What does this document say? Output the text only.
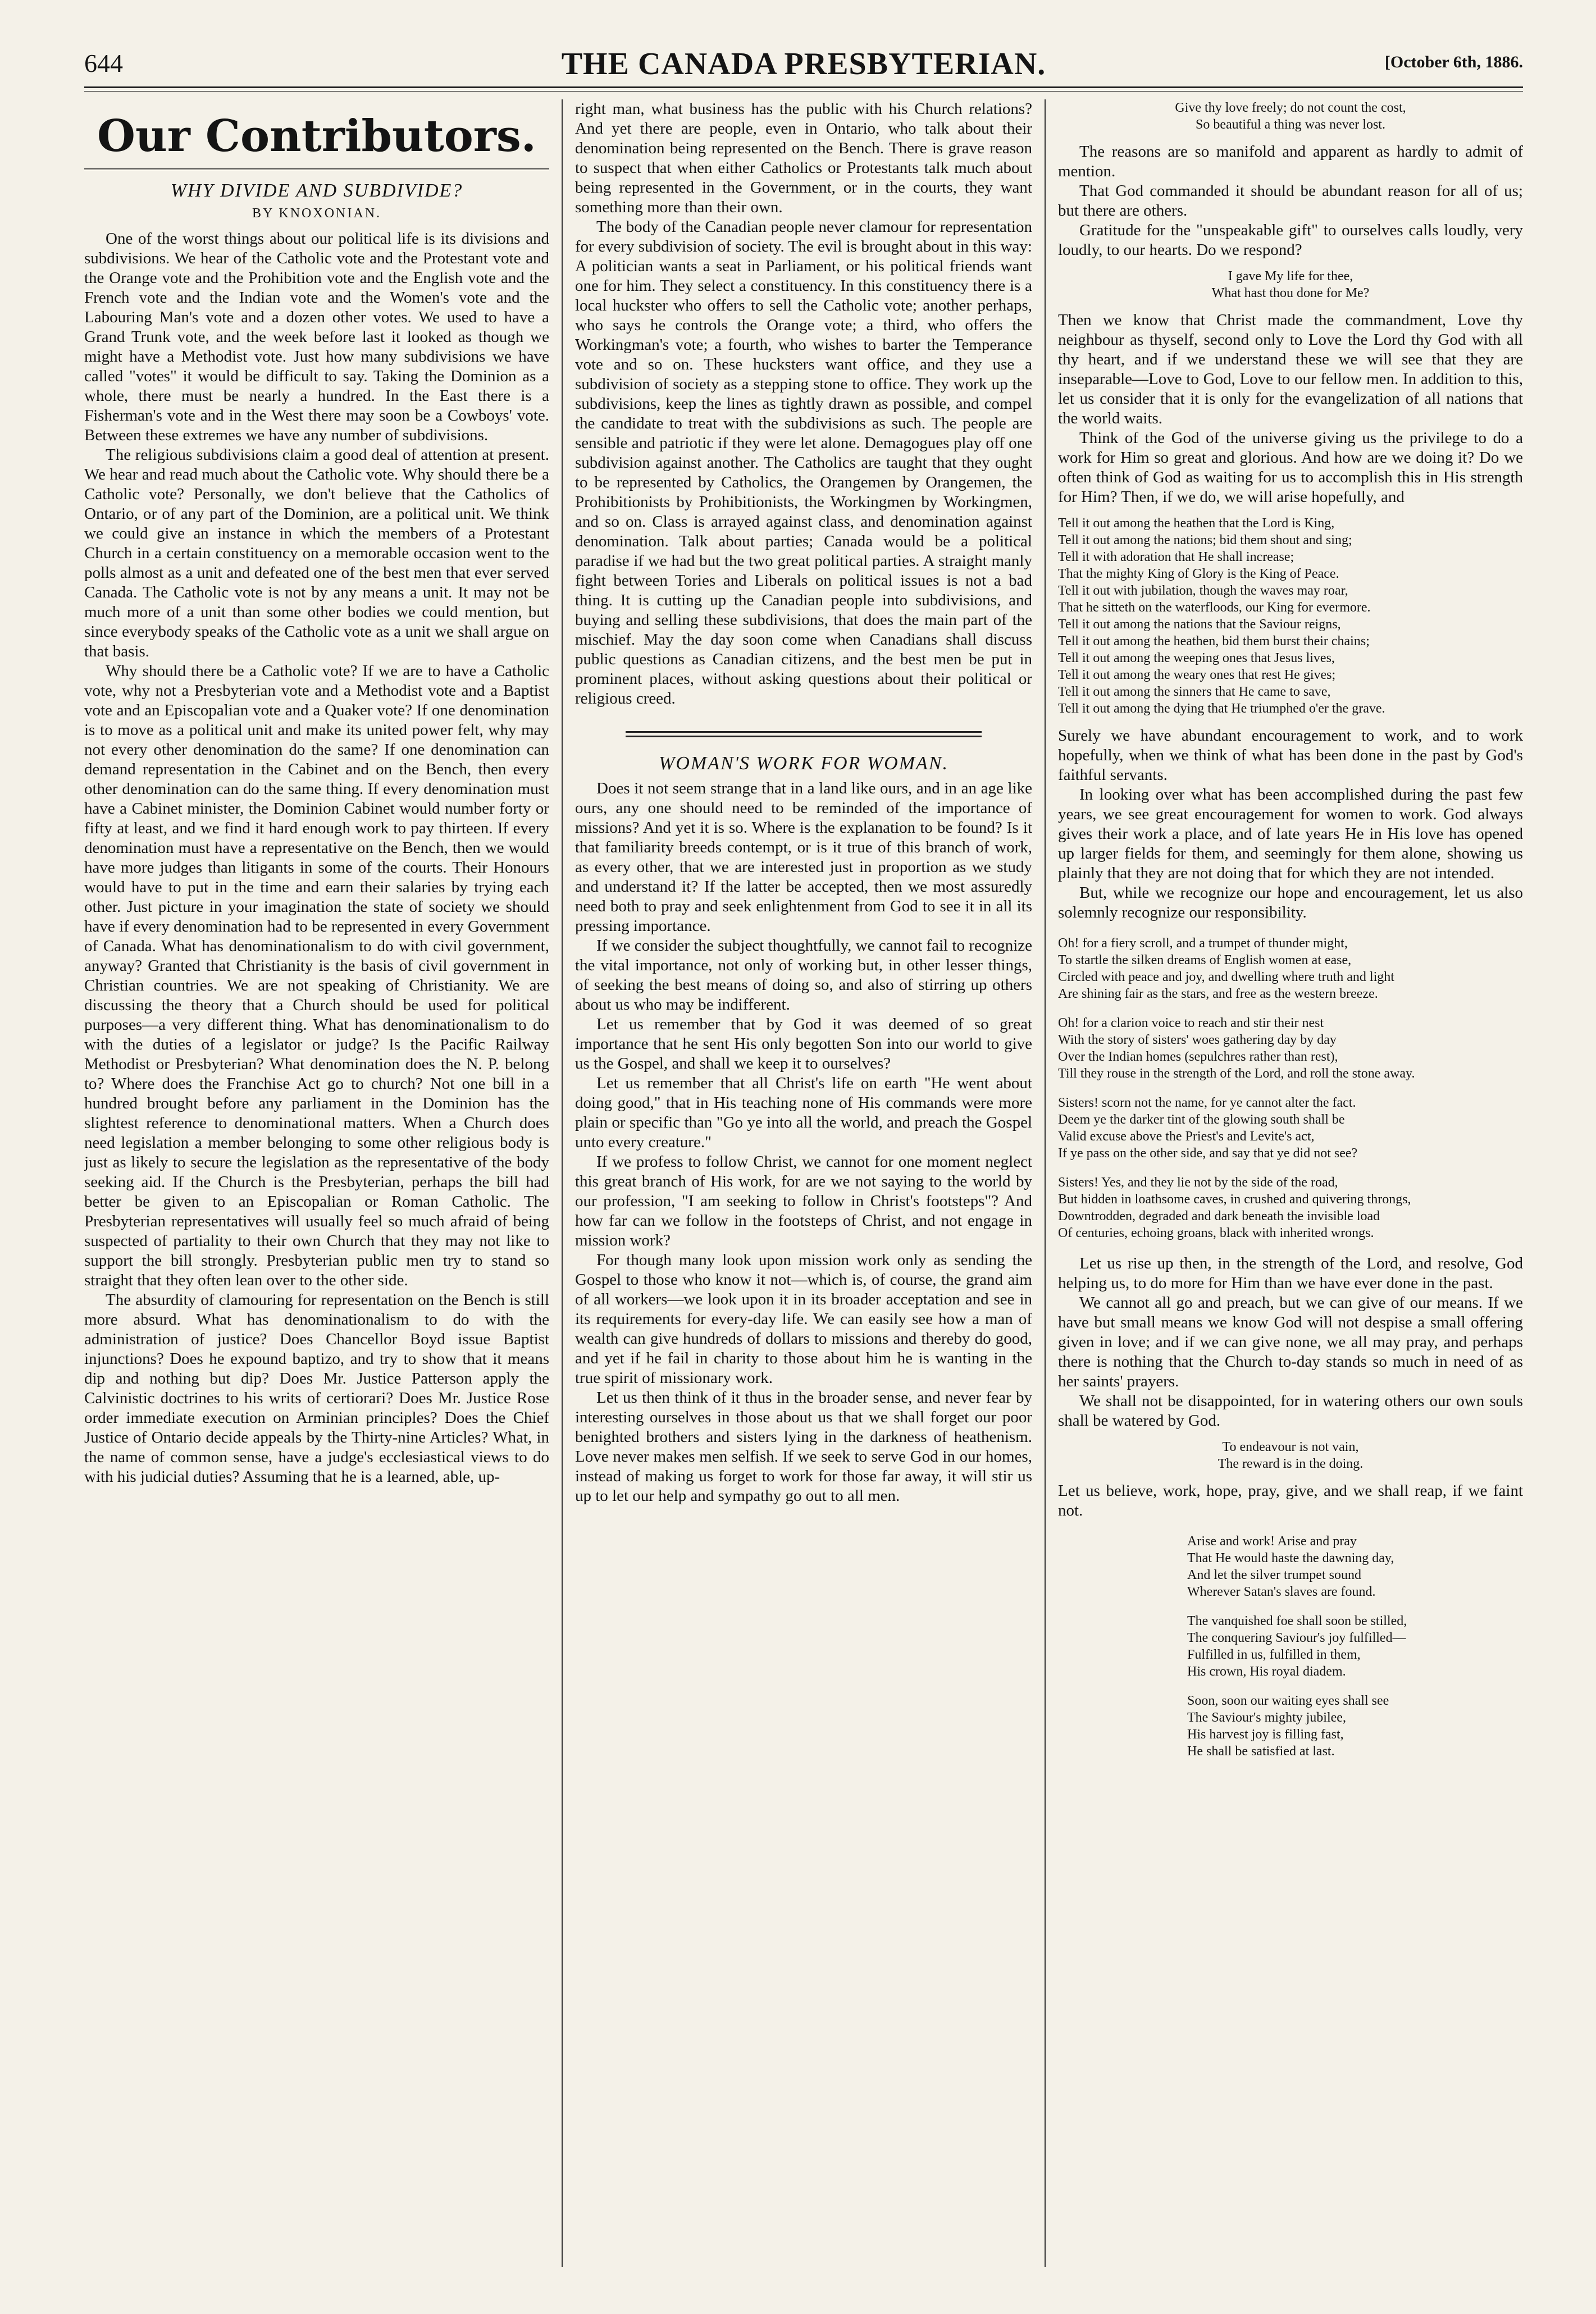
644	THE CANADA PRESBYTERIAN.	[October 6th, 1886.
Our Contributors.
WHY DIVIDE AND SUBDIVIDE?
BY KNOXONIAN.

One of the worst things about our political life is its divisions and subdivisions. We hear of the Catholic vote and the Protestant vote and the Orange vote and the Prohibition vote and the English vote and the French vote and the Indian vote and the Women's vote and the Labouring Man's vote and a dozen other votes. We used to have a Grand Trunk vote, and the week before last it looked as though we might have a Methodist vote. Just how many subdivisions we have called "votes" it would be difficult to say. Taking the Dominion as a whole, there must be nearly a hundred. In the East there is a Fisherman's vote and in the West there may soon be a Cowboys' vote. Between these extremes we have any number of subdivisions.

The religious subdivisions claim a good deal of attention at present. We hear and read much about the Catholic vote. Why should there be a Catholic vote? Personally, we don't believe that the Catholics of Ontario, or of any part of the Dominion, are a political unit. We think we could give an instance in which the members of a Protestant Church in a certain constituency on a memorable occasion went to the polls almost as a unit and defeated one of the best men that ever served Canada. The Catholic vote is not by any means a unit. It may not be much more of a unit than some other bodies we could mention, but since everybody speaks of the Catholic vote as a unit we shall argue on that basis.

Why should there be a Catholic vote? If we are to have a Catholic vote, why not a Presbyterian vote and a Methodist vote and a Baptist vote and an Episcopalian vote and a Quaker vote? If one denomination is to move as a political unit and make its united power felt, why may not every other denomination do the same? If one denomination can demand representation in the Cabinet and on the Bench, then every other denomination can do the same thing. If every denomination must have a Cabinet minister, the Dominion Cabinet would number forty or fifty at least, and we find it hard enough work to pay thirteen. If every denomination must have a representative on the Bench, then we would have more judges than litigants in some of the courts. Their Honours would have to put in the time and earn their salaries by trying each other. Just picture in your imagination the state of society we should have if every denomination had to be represented in every Government of Canada. What has denominationalism to do with civil government, anyway? Granted that Christianity is the basis of civil government in Christian countries. We are not speaking of Christianity. We are discussing the theory that a Church should be used for political purposes—a very different thing. What has denominationalism to do with the duties of a legislator or judge? Is the Pacific Railway Methodist or Presbyterian? What denomination does the N. P. belong to? Where does the Franchise Act go to church? Not one bill in a hundred brought before any parliament in the Dominion has the slightest reference to denominational matters. When a Church does need legislation a member belonging to some other religious body is just as likely to secure the legislation as the representative of the body seeking aid. If the Church is the Presbyterian, perhaps the bill had better be given to an Episcopalian or Roman Catholic. The Presbyterian representatives will usually feel so much afraid of being suspected of partiality to their own Church that they may not like to support the bill strongly. Presbyterian public men try to stand so straight that they often lean over to the other side.

The absurdity of clamouring for representation on the Bench is still more absurd. What has denominationalism to do with the administration of justice? Does Chancellor Boyd issue Baptist injunctions? Does he expound baptizo, and try to show that it means dip and nothing but dip? Does Mr. Justice Patterson apply the Calvinistic doctrines to his writs of certiorari? Does Mr. Justice Rose order immediate execution on Arminian principles? Does the Chief Justice of Ontario decide appeals by the Thirty-nine Articles? What, in the name of common sense, have a judge's ecclesiastical views to do with his judicial duties? Assuming that he is a learned, able, up-

right man, what business has the public with his Church relations? And yet there are people, even in Ontario, who talk about their denomination being represented on the Bench. There is grave reason to suspect that when either Catholics or Protestants talk much about being represented in the Government, or in the courts, they want something more than their own.

The body of the Canadian people never clamour for representation for every subdivision of society. The evil is brought about in this way: A politician wants a seat in Parliament, or his political friends want one for him. They select a constituency. In this constituency there is a local huckster who offers to sell the Catholic vote; another perhaps, who says he controls the Orange vote; a third, who offers the Workingman's vote; a fourth, who wishes to barter the Temperance vote and so on. These hucksters want office, and they use a subdivision of society as a stepping stone to office. They work up the subdivisions, keep the lines as tightly drawn as possible, and compel the candidate to treat with the subdivisions as such. The people are sensible and patriotic if they were let alone. Demagogues play off one subdivision against another. The Catholics are taught that they ought to be represented by Catholics, the Orangemen by Orangemen, the Prohibitionists by Prohibitionists, the Workingmen by Workingmen, and so on. Class is arrayed against class, and denomination against denomination. Talk about parties; Canada would be a political paradise if we had but the two great political parties. A straight manly fight between Tories and Liberals on political issues is not a bad thing. It is cutting up the Canadian people into subdivisions, and buying and selling these subdivisions, that does the main part of the mischief. May the day soon come when Canadians shall discuss public questions as Canadian citizens, and the best men be put in prominent places, without asking questions about their political or religious creed.

WOMAN'S WORK FOR WOMAN.

Does it not seem strange that in a land like ours, and in an age like ours, any one should need to be reminded of the importance of missions? And yet it is so. Where is the explanation to be found? Is it that familiarity breeds contempt, or is it true of this branch of work, as every other, that we are interested just in proportion as we study and understand it? If the latter be accepted, then we most assuredly need both to pray and seek enlightenment from God to see it in all its pressing importance.

If we consider the subject thoughtfully, we cannot fail to recognize the vital importance, not only of working but, in other lesser things, of seeking the best means of doing so, and also of stirring up others about us who may be indifferent.

Let us remember that by God it was deemed of so great importance that he sent His only begotten Son into our world to give us the Gospel, and shall we keep it to ourselves?

Let us remember that all Christ's life on earth "He went about doing good," that in His teaching none of His commands were more plain or specific than "Go ye into all the world, and preach the Gospel unto every creature."

If we profess to follow Christ, we cannot for one moment neglect this great branch of His work, for are we not saying to the world by our profession, "I am seeking to follow in Christ's footsteps"? And how far can we follow in the footsteps of Christ, and not engage in mission work?

For though many look upon mission work only as sending the Gospel to those who know it not—which is, of course, the grand aim of all workers—we look upon it in its broader acceptation and see in its requirements for every-day life. We can easily see how a man of wealth can give hundreds of dollars to missions and thereby do good, and yet if he fail in charity to those about him he is wanting in the true spirit of missionary work.

Let us then think of it thus in the broader sense, and never fear by interesting ourselves in those about us that we shall forget our poor benighted brothers and sisters lying in the darkness of heathenism. Love never makes men selfish. If we seek to serve God in our homes, instead of making us forget to work for those far away, it will stir us up to let our help and sympathy go out to all men.

Give thy love freely; do not count the cost,
So beautiful a thing was never lost.

The reasons are so manifold and apparent as hardly to admit of mention.

That God commanded it should be abundant reason for all of us; but there are others.

Gratitude for the "unspeakable gift" to ourselves calls loudly, very loudly, to our hearts. Do we respond?

I gave My life for thee,
What hast thou done for Me?

Then we know that Christ made the commandment, Love thy neighbour as thyself, second only to Love the Lord thy God with all thy heart, and if we understand these we will see that they are inseparable—Love to God, Love to our fellow men. In addition to this, let us consider that it is only for the evangelization of all nations that the world waits.

Think of the God of the universe giving us the privilege to do a work for Him so great and glorious. And how are we doing it? Do we often think of God as waiting for us to accomplish this in His strength for Him? Then, if we do, we will arise hopefully, and

Tell it out among the heathen that the Lord is King,
Tell it out among the nations; bid them shout and sing;
Tell it with adoration that He shall increase;
That the mighty King of Glory is the King of Peace.
Tell it out with jubilation, though the waves may roar,
That he sitteth on the waterfloods, our King for evermore.
Tell it out among the nations that the Saviour reigns,
Tell it out among the heathen, bid them burst their chains;
Tell it out among the weeping ones that Jesus lives,
Tell it out among the weary ones that rest He gives;
Tell it out among the sinners that He came to save,
Tell it out among the dying that He triumphed o'er the grave.

Surely we have abundant encouragement to work, and to work hopefully, when we think of what has been done in the past by God's faithful servants.

In looking over what has been accomplished during the past few years, we see great encouragement for women to work. God always gives their work a place, and of late years He in His love has opened up larger fields for them, and seemingly for them alone, showing us plainly that they are not doing that for which they are not intended.

But, while we recognize our hope and encouragement, let us also solemnly recognize our responsibility.

Oh! for a fiery scroll, and a trumpet of thunder might,
To startle the silken dreams of English women at ease,
Circled with peace and joy, and dwelling where truth and light
Are shining fair as the stars, and free as the western breeze.
Oh! for a clarion voice to reach and stir their nest
With the story of sisters' woes gathering day by day
Over the Indian homes (sepulchres rather than rest),
Till they rouse in the strength of the Lord, and roll the stone away.
Sisters! scorn not the name, for ye cannot alter the fact.
Deem ye the darker tint of the glowing south shall be
Valid excuse above the Priest's and Levite's act,
If ye pass on the other side, and say that ye did not see?
Sisters! Yes, and they lie not by the side of the road,
But hidden in loathsome caves, in crushed and quivering throngs,
Downtrodden, degraded and dark beneath the invisible load
Of centuries, echoing groans, black with inherited wrongs.

Let us rise up then, in the strength of the Lord, and resolve, God helping us, to do more for Him than we have ever done in the past.

We cannot all go and preach, but we can give of our means. If we have but small means we know God will not despise a small offering given in love; and if we can give none, we all may pray, and perhaps there is nothing that the Church to-day stands so much in need of as her saints' prayers.

We shall not be disappointed, for in watering others our own souls shall be watered by God.

To endeavour is not vain,
The reward is in the doing.

Let us believe, work, hope, pray, give, and we shall reap, if we faint not.

Arise and work! Arise and pray
That He would haste the dawning day,
And let the silver trumpet sound
Wherever Satan's slaves are found.
The vanquished foe shall soon be stilled,
The conquering Saviour's joy fulfilled—
Fulfilled in us, fulfilled in them,
His crown, His royal diadem.
Soon, soon our waiting eyes shall see
The Saviour's mighty jubilee,
His harvest joy is filling fast,
He shall be satisfied at last.
